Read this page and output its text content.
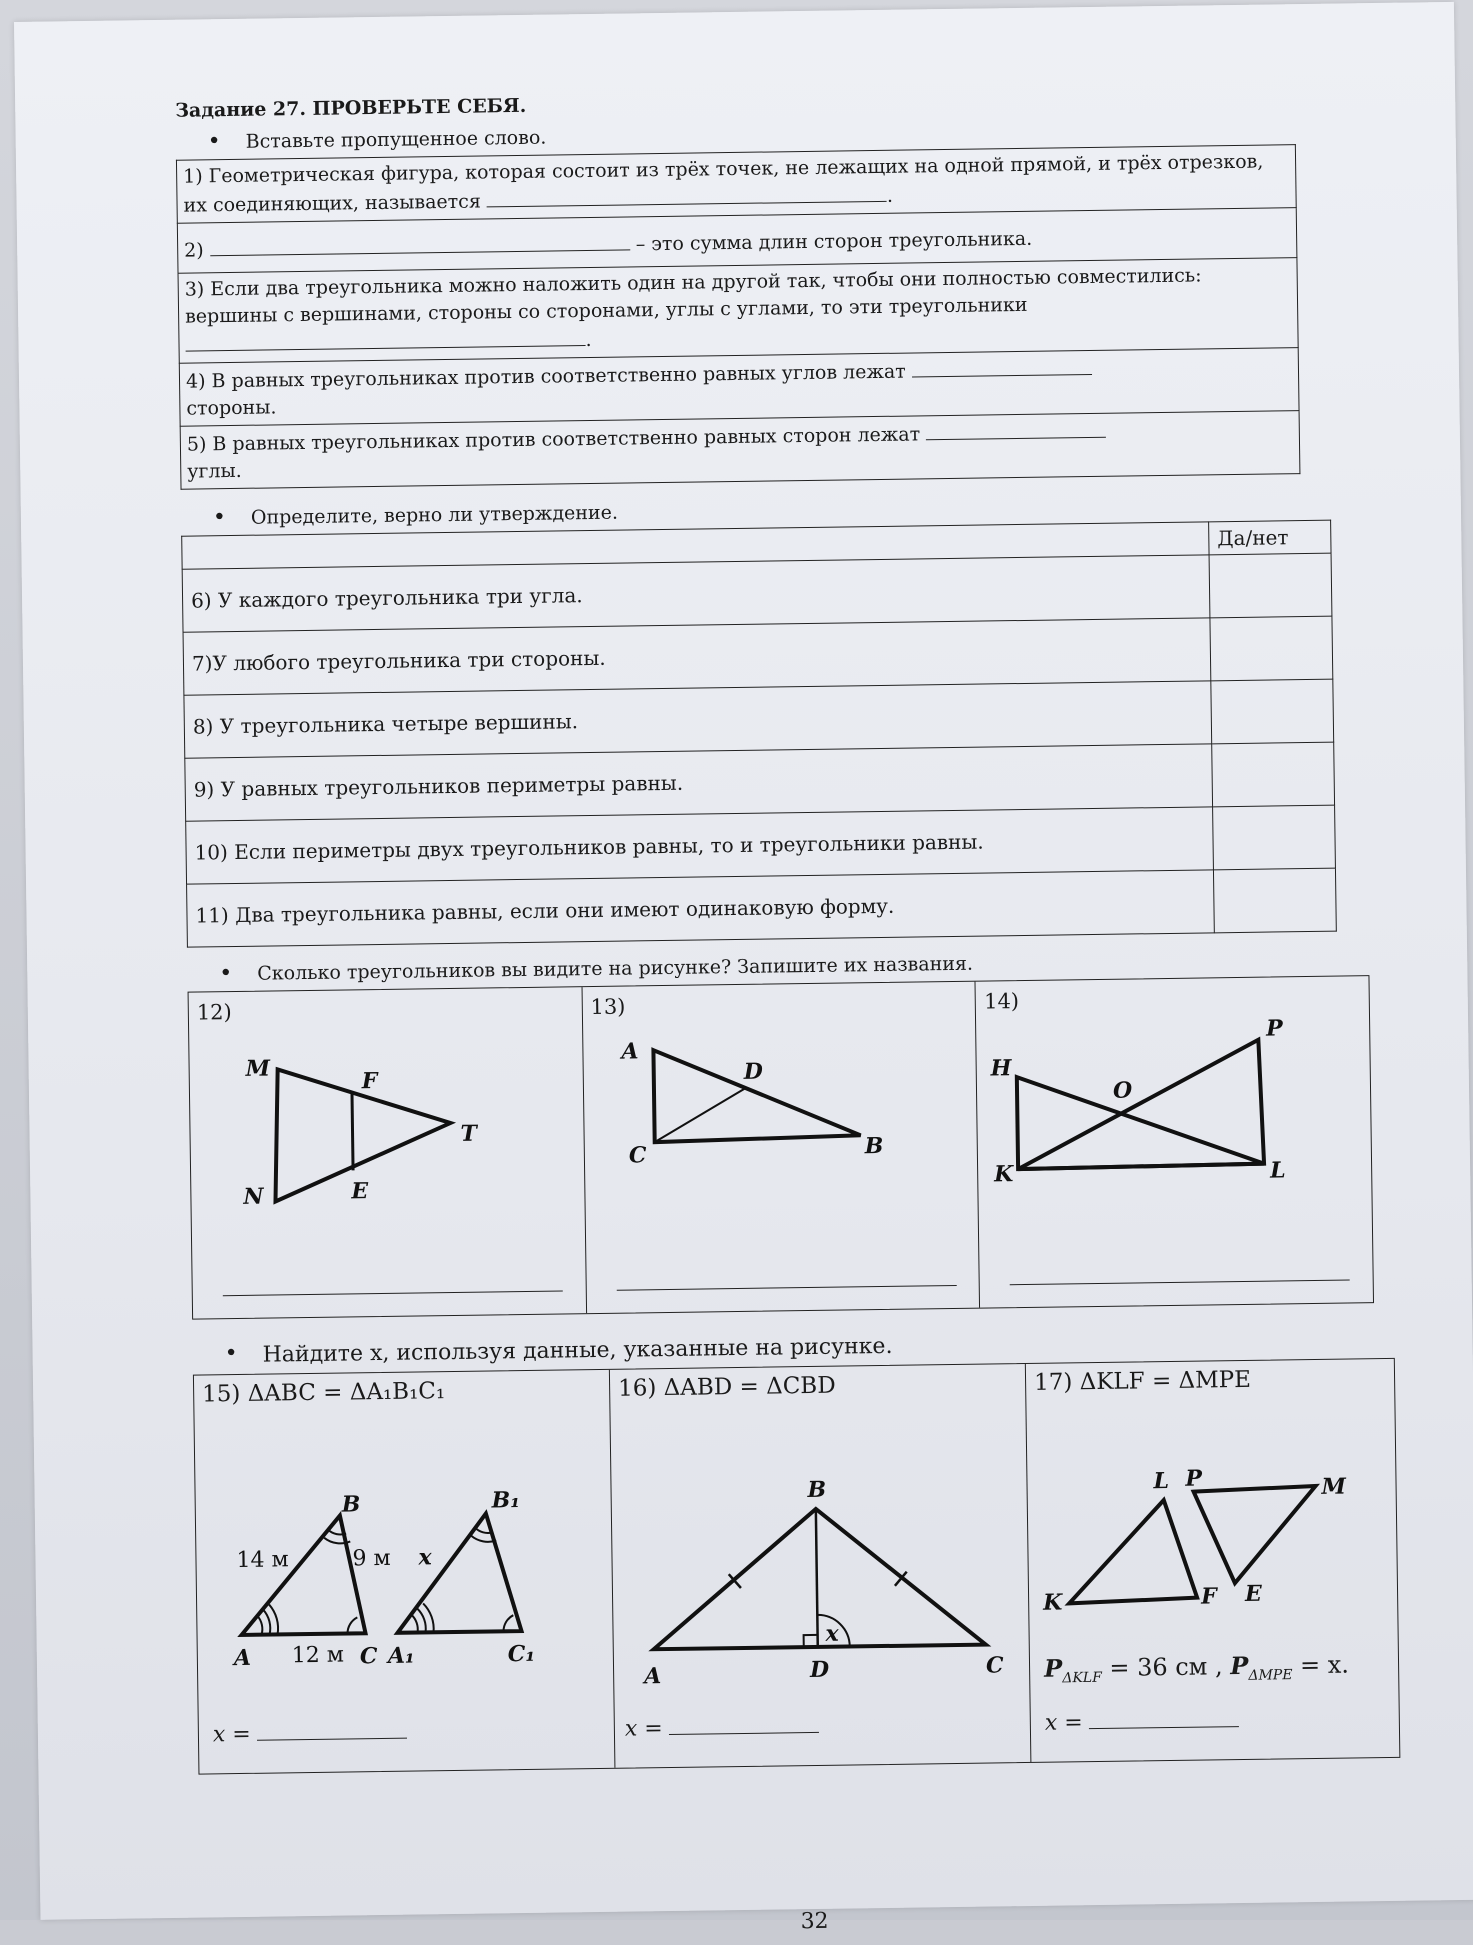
Задание 27. ПРОВЕРЬТЕ СЕБЯ.
• Вставьте пропущенное слово.
1) Геометрическая фигура, которая состоит из трёх точек, не лежащих на одной прямой, и трёх отрезков, их соединяющих, называется	.
2)	– это сумма длин сторон треугольника.
3) Если два треугольника можно наложить один на другой так, чтобы они полностью совместились: вершины с вершинами, стороны со сторонами, углы с углами, то эти треугольники .
4) В равных треугольниках против соответственно равных углов лежат
стороны.
5) В равных треугольниках против соответственно равных сторон лежат
углы.
• Определите, верно ли утверждение.
	Да/нет
6) У каждого треугольника три угла.	
7)У любого треугольника три стороны.	
8) У треугольника четыре вершины.	
9) У равных треугольников периметры равны.	
10) Если периметры двух треугольников равны, то и треугольники равны.	
11) Два треугольника равны, если они имеют одинаковую форму.	
• Сколько треугольников вы видите на рисунке? Запишите их названия.
12)
M	F
T
N	E
13)
A
D
C	B
14)
H
P
O
K	L
• Найдите x, используя данные, указанные на рисунке.
15) ΔABC = ΔA₁B₁C₁
B
14 м	9 м
12 м
A	C
x
B₁
A₁	C₁
x =
16) ΔABD = ΔCBD
B
A	D	C
x
x =
17) ΔKLF = ΔMPE
L P	M
K	F E
$P_{\Delta KLF} = 36$ см , $P_{\Delta MPE} = x$.
x =
32
